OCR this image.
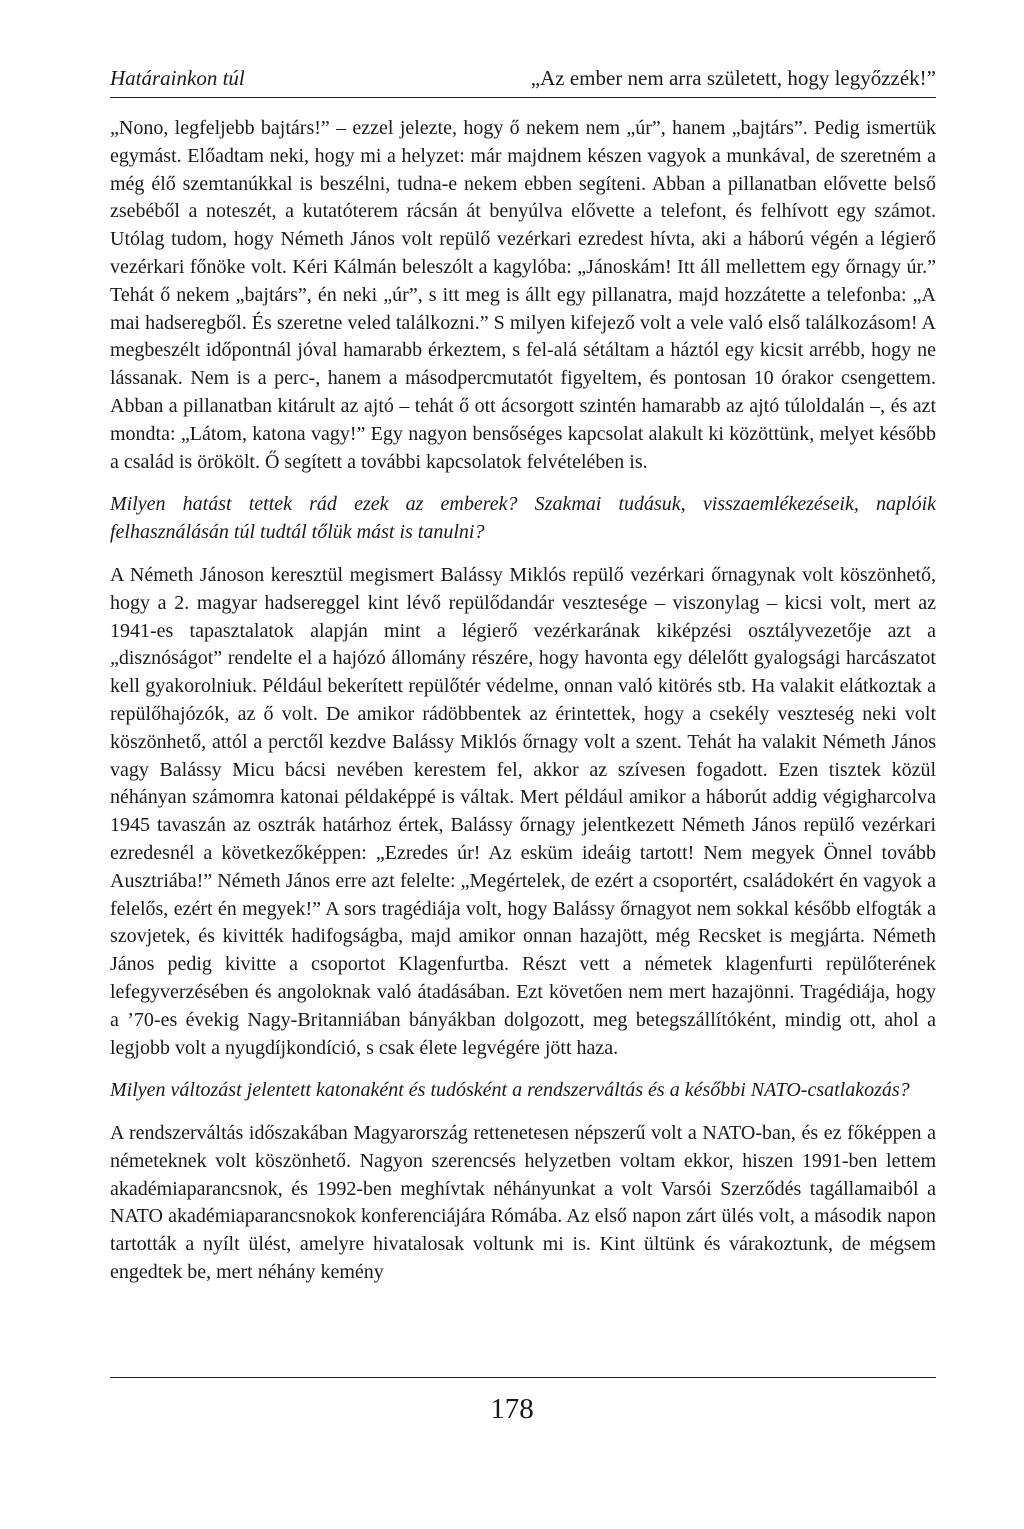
Határainkon túl	„Az ember nem arra született, hogy legyőzzék!”

„Nono, legfeljebb bajtárs!” – ezzel jelezte, hogy ő nekem nem „úr”, hanem „bajtárs”. Pedig ismertük egymást. Előadtam neki, hogy mi a helyzet: már majdnem készen vagyok a munkával, de szeretném a még élő szemtanúkkal is beszélni, tudna-e nekem ebben segíteni. Abban a pillanatban elővette belső zsebéből a noteszét, a kutatóterem rácsán át benyúlva elővette a telefont, és felhívott egy számot. Utólag tudom, hogy Németh János volt repülő vezérkari ezredest hívta, aki a háború végén a légierő vezérkari főnöke volt. Kéri Kálmán beleszólt a kagylóba: „Jánoskám! Itt áll mellettem egy őrnagy úr.” Tehát ő nekem „bajtárs”, én neki „úr”, s itt meg is állt egy pillanatra, majd hozzátette a telefonba: „A mai hadseregből. És szeretne veled találkozni.” S milyen kifejező volt a vele való első találkozásom! A megbeszélt időpontnál jóval hamarabb érkeztem, s fel-alá sétáltam a háztól egy kicsit arrébb, hogy ne lássanak. Nem is a perc-, hanem a másodpercmutatót figyeltem, és pontosan 10 órakor csengettem. Abban a pillanatban kitárult az ajtó – tehát ő ott ácsorgott szintén hamarabb az ajtó túloldalán –, és azt mondta: „Látom, katona vagy!” Egy nagyon bensőséges kapcsolat alakult ki közöttünk, melyet később a család is örökölt. Ő segített a további kapcsolatok felvételében is.

Milyen hatást tettek rád ezek az emberek? Szakmai tudásuk, visszaemlékezéseik, naplóik felhasználásán túl tudtál tőlük mást is tanulni?

A Németh Jánoson keresztül megismert Balássy Miklós repülő vezérkari őrnagynak volt köszönhető, hogy a 2. magyar hadsereggel kint lévő repülődandár vesztesége – viszonylag – kicsi volt, mert az 1941-es tapasztalatok alapján mint a légierő vezérkarának kiképzési osztályvezetője azt a „disznóságot” rendelte el a hajózó állomány részére, hogy havonta egy délelőtt gyalogsági harcászatot kell gyakorolniuk. Például bekerített repülőtér védelme, onnan való kitörés stb. Ha valakit elátkoztak a repülőhajózók, az ő volt. De amikor rádöbbentek az érintettek, hogy a csekély veszteség neki volt köszönhető, attól a perctől kezdve Balássy Miklós őrnagy volt a szent. Tehát ha valakit Németh János vagy Balássy Micu bácsi nevében kerestem fel, akkor az szívesen fogadott. Ezen tisztek közül néhányan számomra katonai példaképpé is váltak. Mert például amikor a háborút addig végigharcolva 1945 tavaszán az osztrák határhoz értek, Balássy őrnagy jelentkezett Németh János repülő vezérkari ezredesnél a következőképpen: „Ezredes úr! Az esküm ideáig tartott! Nem megyek Önnel tovább Ausztriába!” Németh János erre azt felelte: „Megértelek, de ezért a csoportért, családokért én vagyok a felelős, ezért én megyek!” A sors tragédiája volt, hogy Balássy őrnagyot nem sokkal később elfogták a szovjetek, és kivitték hadifogságba, majd amikor onnan hazajött, még Recsket is megjárta. Németh János pedig kivitte a csoportot Klagenfurtba. Részt vett a németek klagenfurti repülőterének lefegyverzésében és angoloknak való átadásában. Ezt követően nem mert hazajönni. Tragédiája, hogy a ’70-es évekig Nagy-Britanniában bányákban dolgozott, meg betegszállítóként, mindig ott, ahol a legjobb volt a nyugdíjkondíció, s csak élete legvégére jött haza.

Milyen változást jelentett katonaként és tudósként a rendszerváltás és a későbbi NATO-csatlakozás?

A rendszerváltás időszakában Magyarország rettenetesen népszerű volt a NATO-ban, és ez főképpen a németeknek volt köszönhető. Nagyon szerencsés helyzetben voltam ekkor, hiszen 1991-ben lettem akadémiaparancsnok, és 1992-ben meghívtak néhányunkat a volt Varsói Szerződés tagállamaiból a NATO akadémiaparancsnokok konferenciájára Rómába. Az első napon zárt ülés volt, a második napon tartották a nyílt ülést, amelyre hivatalosak voltunk mi is. Kint ültünk és várakoztunk, de mégsem engedtek be, mert néhány kemény

178
